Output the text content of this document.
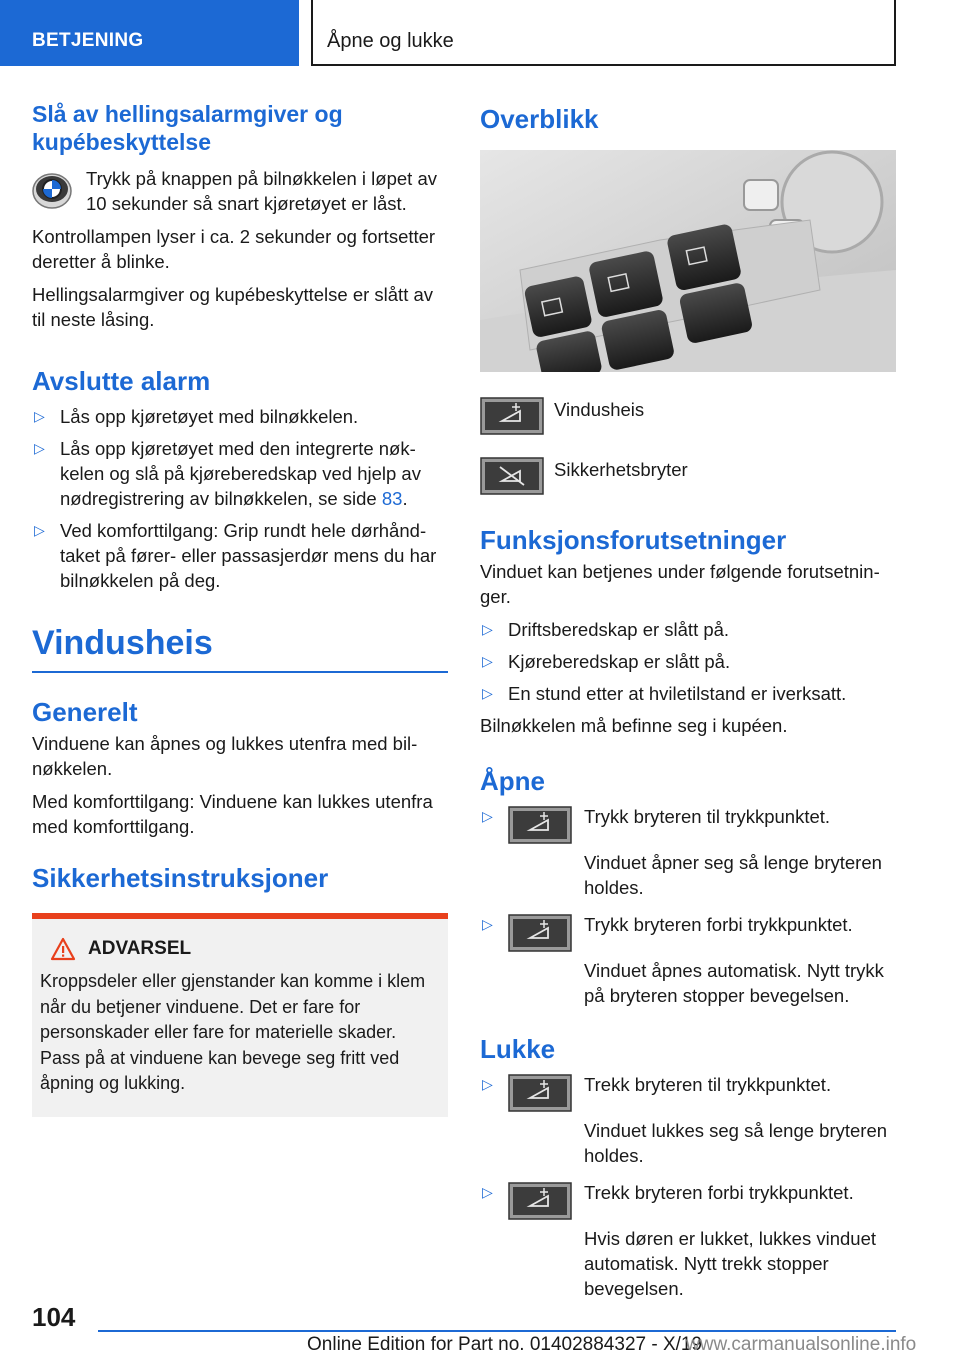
BETJENING	Åpne og lukke
Slå av hellingsalarmgiver og kupébeskyttelse

Trykk på knappen på bilnøkkelen i løpet av 10 sekunder så snart kjøretøyet er låst.

Kontrollampen lyser i ca. 2 sekunder og fortsetter deretter å blinke.

Hellingsalarmgiver og kupébeskyttelse er slått av til neste låsing.

Avslutte alarm
▷ Lås opp kjøretøyet med bilnøkkelen.
▷ Lås opp kjøretøyet med den integrerte nøkkelen og slå på kjøreberedskap ved hjelp av nødregistrering av bilnøkkelen, se side 83.
▷ Ved komforttilgang: Grip rundt hele dørhåndtaket på fører- eller passasjerdør mens du har bilnøkkelen på deg.
Vindusheis
Generelt

Vinduene kan åpnes og lukkes utenfra med bilnøkkelen.

Med komforttilgang: Vinduene kan lukkes utenfra med komforttilgang.

Sikkerhetsinstruksjoner
ADVARSEL

Kroppsdeler eller gjenstander kan komme i klem når du betjener vinduene. Det er fare for personskader eller fare for materielle skader. Pass på at vinduene kan bevege seg fritt ved åpning og lukking.

Overblikk
Vindusheis
Sikkerhetsbryter
Funksjonsforutsetninger

Vinduet kan betjenes under følgende forutsetninger.

▷ Driftsberedskap er slått på.
▷ Kjøreberedskap er slått på.
▷ En stund etter at hviletilstand er iverksatt.

Bilnøkkelen må befinne seg i kupéen.

Åpne
▷	Trykk bryteren til trykkpunktet.
Vinduet åpner seg så lenge bryteren holdes.
▷	Trykk bryteren forbi trykkpunktet.
Vinduet åpnes automatisk. Nytt trykk på bryteren stopper bevegelsen.
Lukke
▷	Trekk bryteren til trykkpunktet.
Vinduet lukkes seg så lenge bryteren holdes.
▷	Trekk bryteren forbi trykkpunktet.
Hvis døren er lukket, lukkes vinduet automatisk. Nytt trekk stopper bevegelsen.
104
Online Edition for Part no. 01402884327 - X/19
www.carmanualsonline.info
